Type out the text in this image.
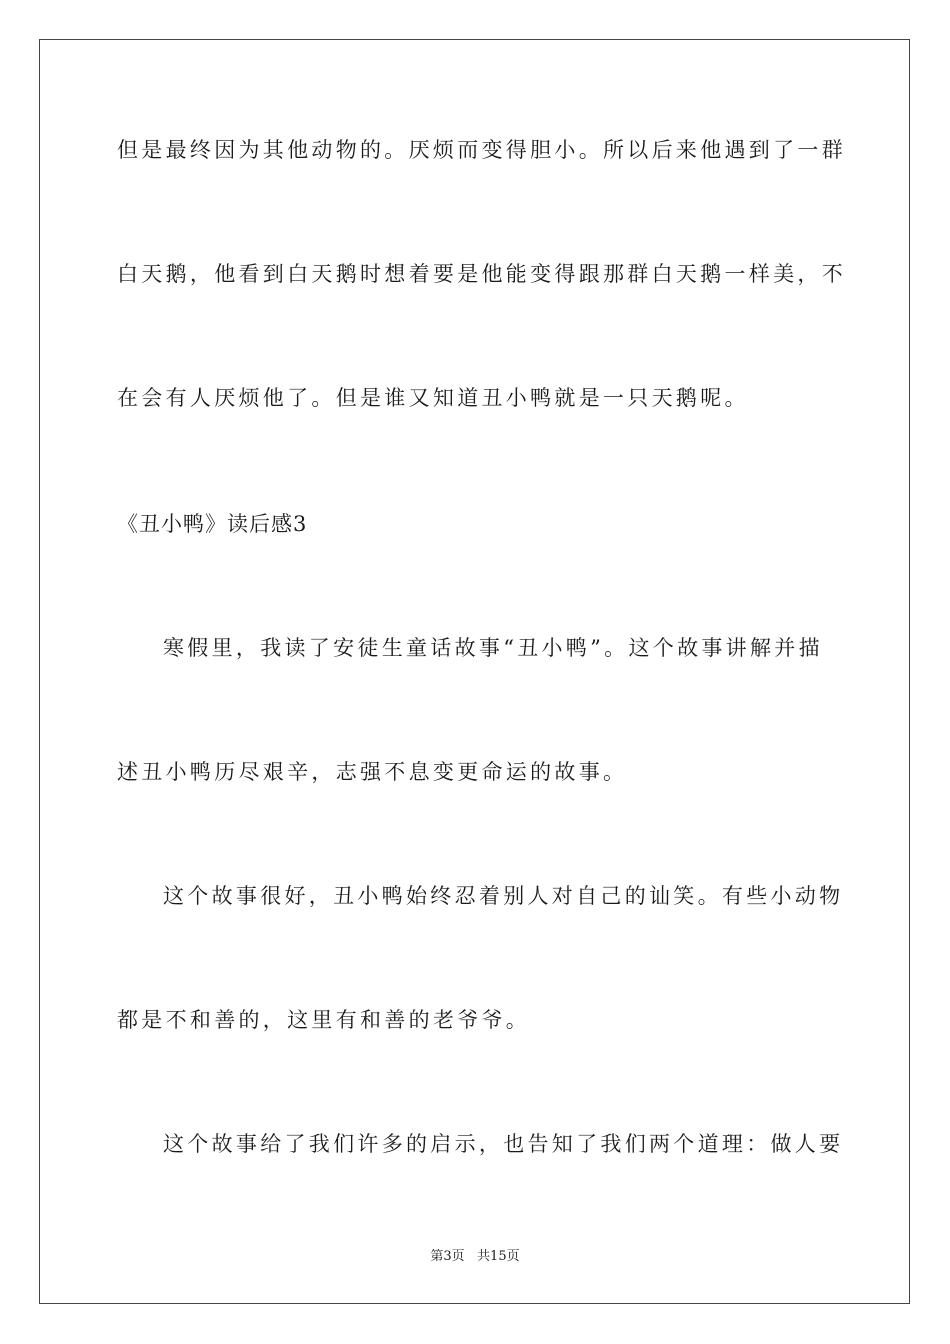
但是最终因为其他动物的。厌烦而变得胆小。所以后来他遇到了一群
白天鹅，他看到白天鹅时想着要是他能变得跟那群白天鹅一样美，不
在会有人厌烦他了。但是谁又知道丑小鸭就是一只天鹅呢。
《丑小鸭》读后感3
寒假里，我读了安徒生童话故事“丑小鸭”。这个故事讲解并描
述丑小鸭历尽艰辛，志强不息变更命运的故事。
这个故事很好，丑小鸭始终忍着别人对自己的讪笑。有些小动物
都是不和善的，这里有和善的老爷爷。
这个故事给了我们许多的启示，也告知了我们两个道理：做人要
第3页   共15页
